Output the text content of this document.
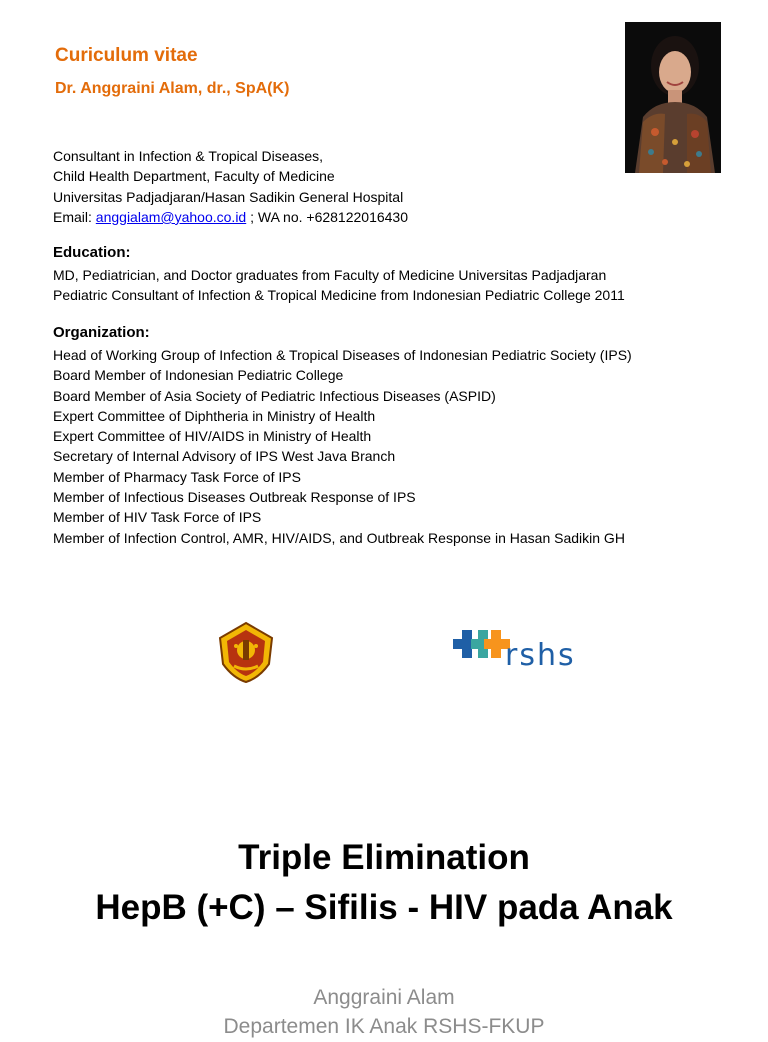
Curiculum vitae
Dr. Anggraini Alam, dr., SpA(K)
Consultant in Infection & Tropical Diseases,
Child Health Department, Faculty of Medicine
Universitas Padjadjaran/Hasan Sadikin General Hospital
Email: anggialam@yahoo.co.id ; WA no. +628122016430
Education:
MD, Pediatrician, and Doctor graduates from Faculty of Medicine Universitas Padjadjaran
Pediatric Consultant of Infection & Tropical Medicine from Indonesian Pediatric College 2011
Organization:
Head of Working Group of Infection & Tropical Diseases of Indonesian Pediatric Society (IPS)
Board Member of Indonesian Pediatric College
Board Member of Asia Society of Pediatric Infectious Diseases (ASPID)
Expert Committee of Diphtheria in Ministry of Health
Expert Committee of HIV/AIDS in Ministry of Health
Secretary of Internal Advisory of IPS West Java Branch
Member of Pharmacy Task Force of IPS
Member of Infectious Diseases Outbreak Response of IPS
Member of HIV Task Force of IPS
Member of Infection Control, AMR, HIV/AIDS, and Outbreak Response in Hasan Sadikin GH
rshs
Triple Elimination
HepB (+C) – Sifilis - HIV pada Anak
Anggraini Alam
Departemen IK Anak RSHS-FKUP
